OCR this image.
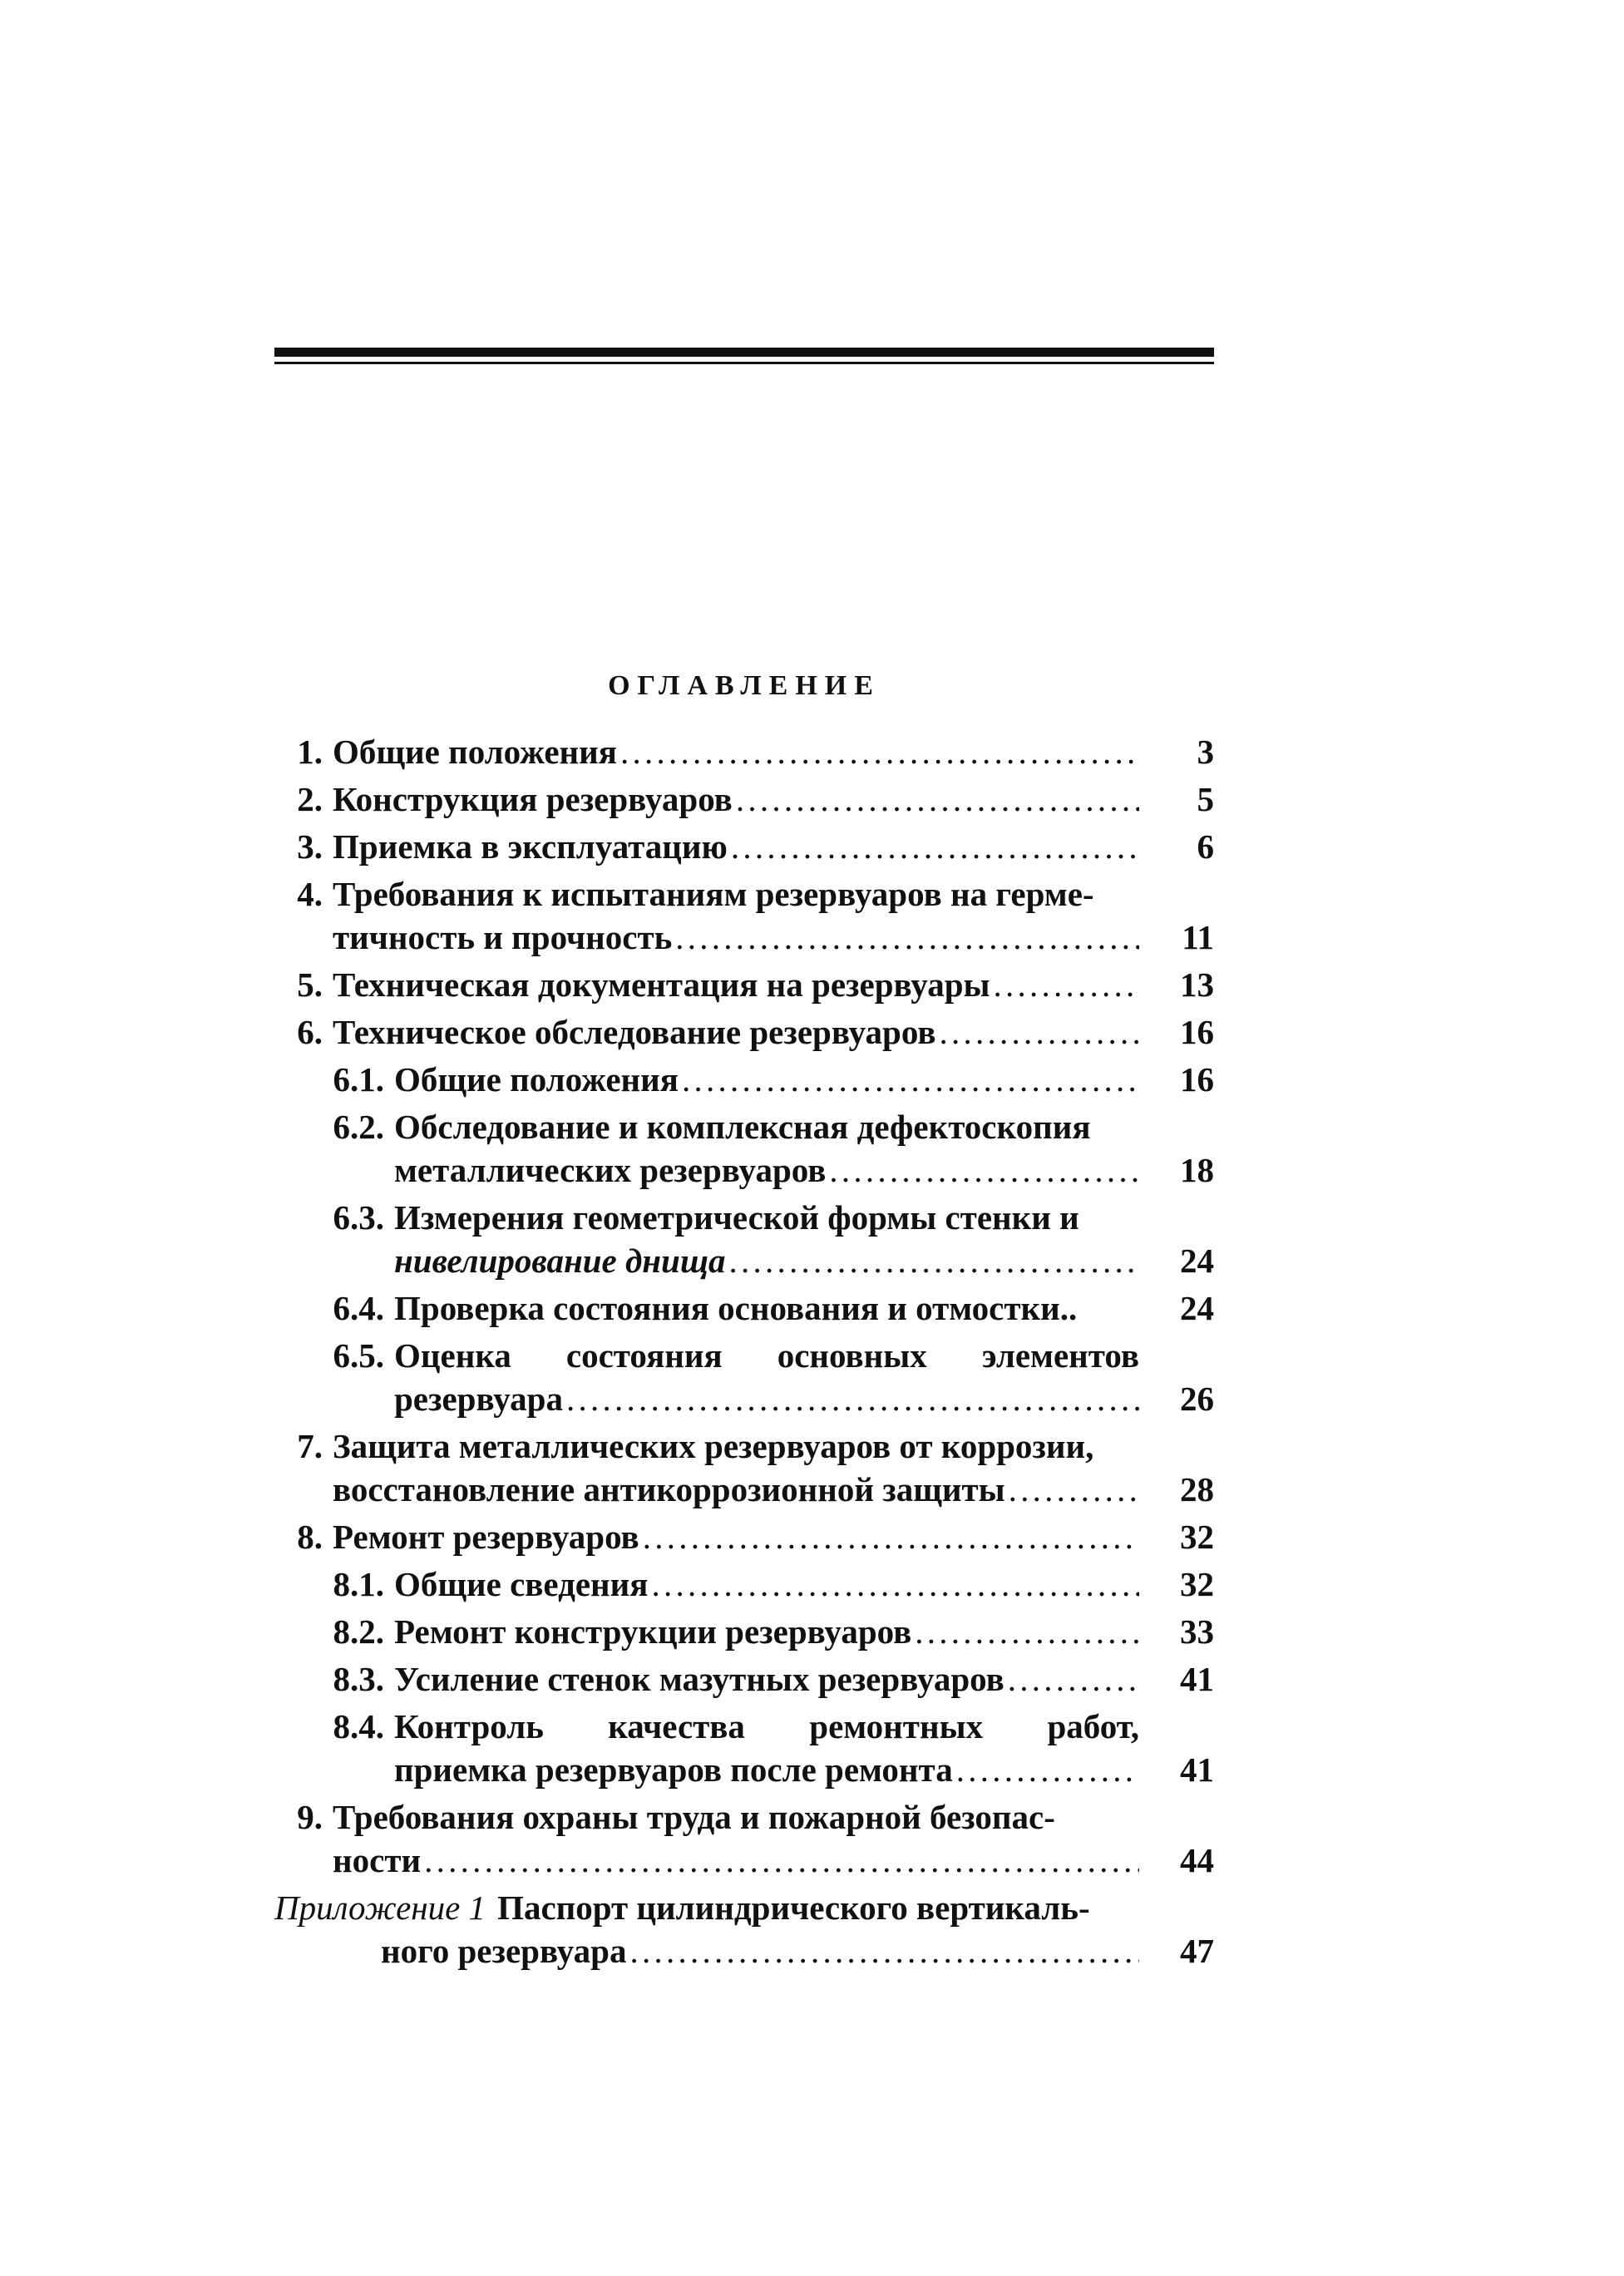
ОГЛАВЛЕНИЕ
1. Общие положения . . .	3
2. Конструкция резервуаров . . .	5
3. Приемка в эксплуатацию . . .	6
4. Требования к испытаниям резервуаров на герме-
тичность и прочность . . .	11
5. Техническая документация на резервуары . . .	13
6. Техническое обследование резервуаров . . .	16
6.1. Общие положения . . .	16
6.2. Обследование и комплексная дефектоскопия
металлических резервуаров . . .	18
6.3. Измерения геометрической формы стенки и
нивелирование днища . . .	24
6.4. Проверка состояния основания и отмостки..	24
6.5. Оценка состояния основных элементов
резервуара . . .	26
7. Защита металлических резервуаров от коррозии,
восстановление антикоррозионной защиты . . .	28
8. Ремонт резервуаров . . .	32
8.1. Общие сведения . . .	32
8.2. Ремонт конструкции резервуаров . . .	33
8.3. Усиление стенок мазутных резервуаров . . .	41
8.4. Контроль качества ремонтных работ,
приемка резервуаров после ремонта . . .	41
9. Требования охраны труда и пожарной безопас-
ности . . .	44
Приложение 1 Паспорт цилиндрического вертикаль-
ного резервуара . . .	47
